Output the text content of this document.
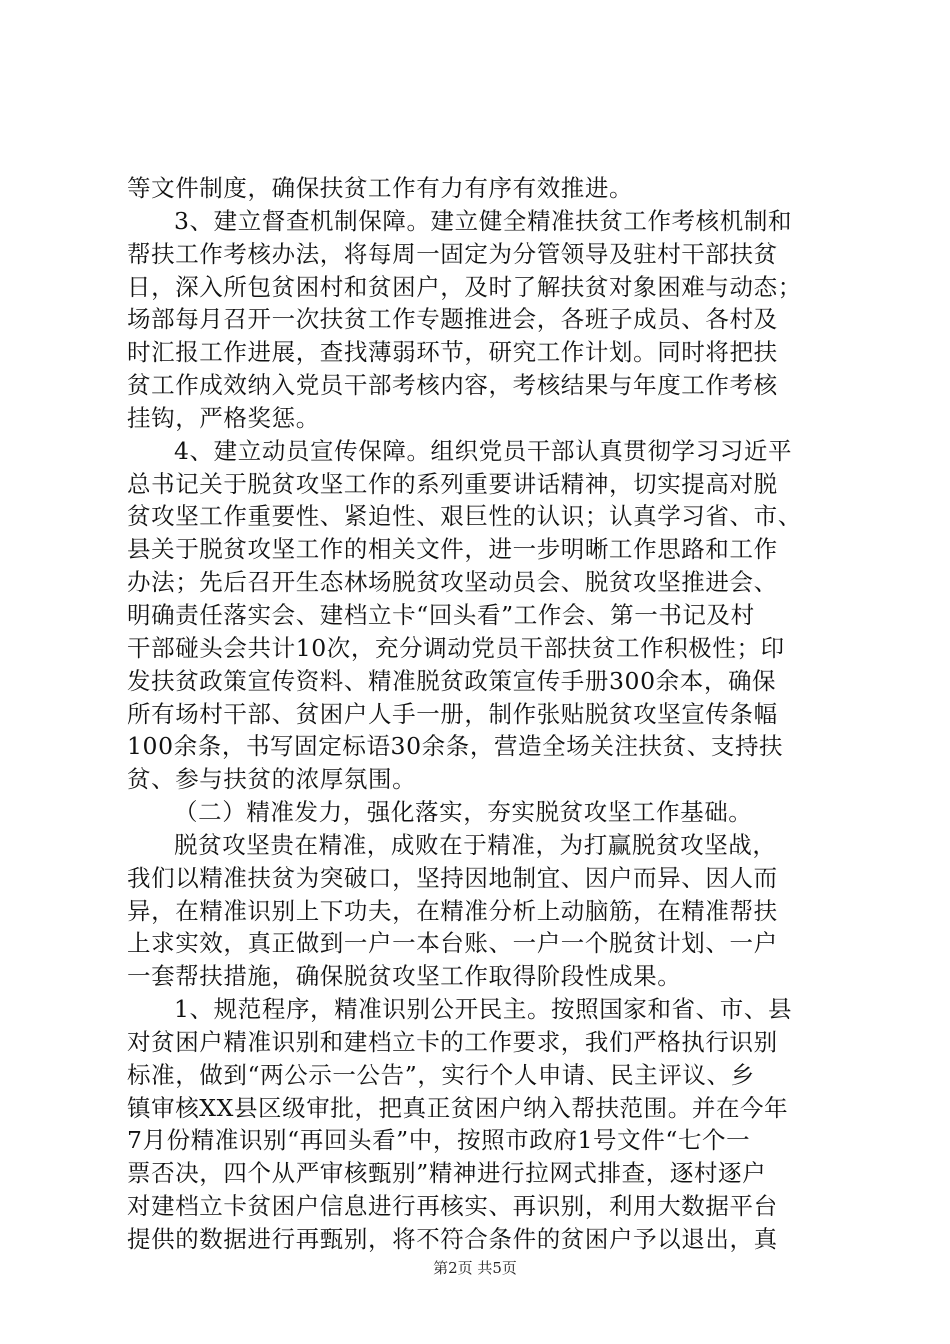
等文件制度，确保扶贫工作有力有序有效推进。
3、建立督查机制保障。建立健全精准扶贫工作考核机制和
帮扶工作考核办法，将每周一固定为分管领导及驻村干部扶贫
日，深入所包贫困村和贫困户，及时了解扶贫对象困难与动态；
场部每月召开一次扶贫工作专题推进会，各班子成员、各村及
时汇报工作进展，查找薄弱环节，研究工作计划。同时将把扶
贫工作成效纳入党员干部考核内容，考核结果与年度工作考核
挂钩，严格奖惩。
4、建立动员宣传保障。组织党员干部认真贯彻学习习近平
总书记关于脱贫攻坚工作的系列重要讲话精神，切实提高对脱
贫攻坚工作重要性、紧迫性、艰巨性的认识；认真学习省、市、
县关于脱贫攻坚工作的相关文件，进一步明晰工作思路和工作
办法；先后召开生态林场脱贫攻坚动员会、脱贫攻坚推进会、
明确责任落实会、建档立卡“回头看”工作会、第一书记及村
干部碰头会共计10次，充分调动党员干部扶贫工作积极性；印
发扶贫政策宣传资料、精准脱贫政策宣传手册300余本，确保
所有场村干部、贫困户人手一册，制作张贴脱贫攻坚宣传条幅
100余条，书写固定标语30余条，营造全场关注扶贫、支持扶
贫、参与扶贫的浓厚氛围。
（二）精准发力，强化落实，夯实脱贫攻坚工作基础。
脱贫攻坚贵在精准，成败在于精准，为打赢脱贫攻坚战，
我们以精准扶贫为突破口，坚持因地制宜、因户而异、因人而
异，在精准识别上下功夫，在精准分析上动脑筋，在精准帮扶
上求实效，真正做到一户一本台账、一户一个脱贫计划、一户
一套帮扶措施，确保脱贫攻坚工作取得阶段性成果。
1、规范程序，精准识别公开民主。按照国家和省、市、县
对贫困户精准识别和建档立卡的工作要求，我们严格执行识别
标准，做到“两公示一公告”，实行个人申请、民主评议、乡
镇审核XX县区级审批，把真正贫困户纳入帮扶范围。并在今年
7月份精准识别“再回头看”中，按照市政府1号文件“七个一
票否决，四个从严审核甄别”精神进行拉网式排查，逐村逐户
对建档立卡贫困户信息进行再核实、再识别，利用大数据平台
提供的数据进行再甄别，将不符合条件的贫困户予以退出，真
第2页 共5页
